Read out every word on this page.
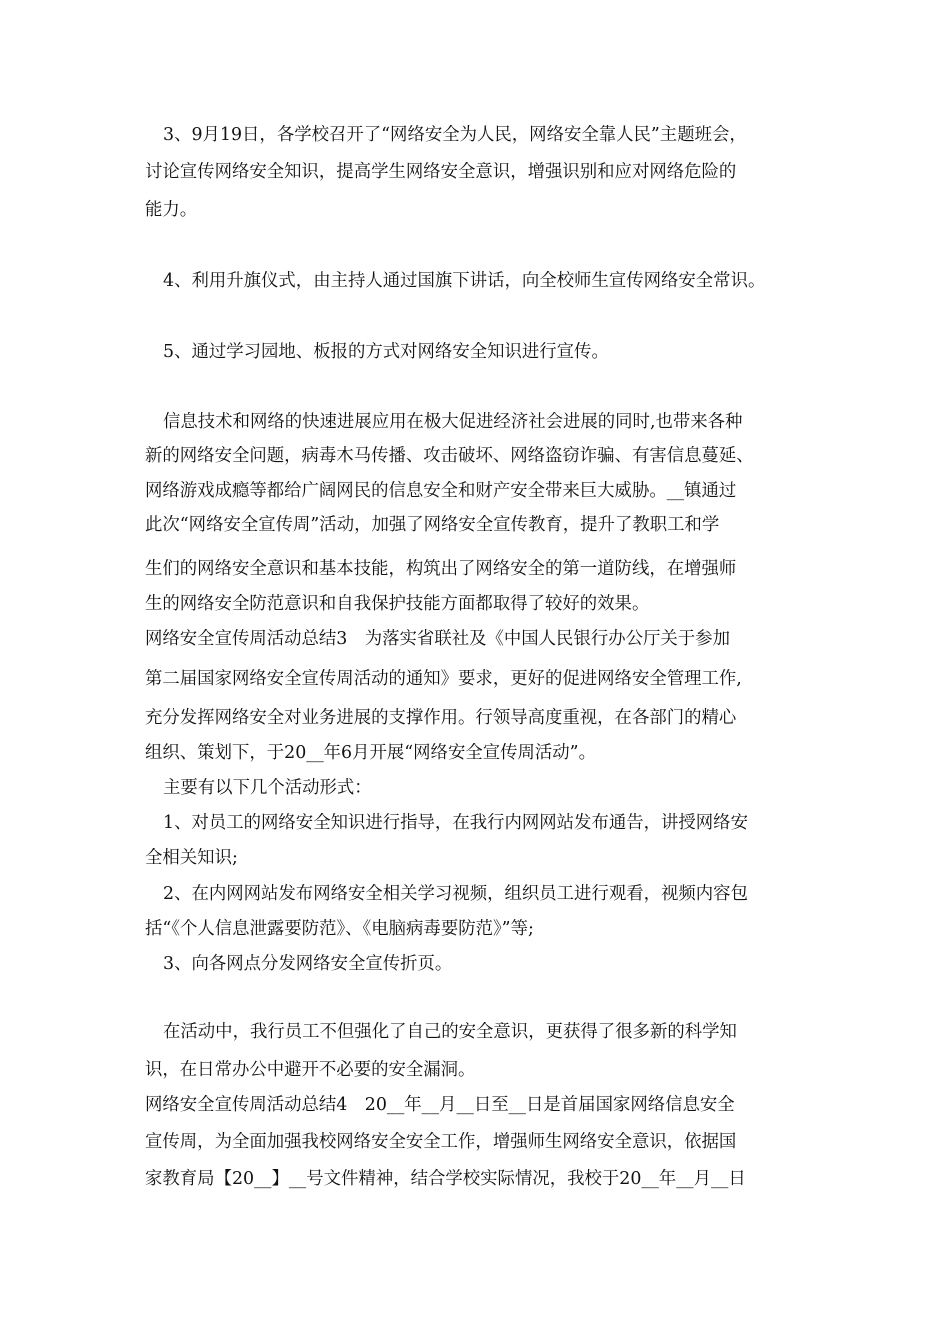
3、9月19日，各学校召开了“网络安全为人民，网络安全靠人民”主题班会，
讨论宣传网络安全知识，提高学生网络安全意识，增强识别和应对网络危险的
能力。
4、利用升旗仪式，由主持人通过国旗下讲话，向全校师生宣传网络安全常识。
5、通过学习园地、板报的方式对网络安全知识进行宣传。
信息技术和网络的快速进展应用在极大促进经济社会进展的同时,也带来各种
新的网络安全问题，病毒木马传播、攻击破坏、网络盗窃诈骗、有害信息蔓延、
网络游戏成瘾等都给广阔网民的信息安全和财产安全带来巨大威胁。__镇通过
此次“网络安全宣传周”活动，加强了网络安全宣传教育，提升了教职工和学
生们的网络安全意识和基本技能，构筑出了网络安全的第一道防线，在增强师
生的网络安全防范意识和自我保护技能方面都取得了较好的效果。
网络安全宣传周活动总结3　为落实省联社及《中国人民银行办公厅关于参加
第二届国家网络安全宣传周活动的通知》要求，更好的促进网络安全管理工作,
充分发挥网络安全对业务进展的支撑作用。行领导高度重视，在各部门的精心
组织、策划下，于20__年6月开展“网络安全宣传周活动”。
主要有以下几个活动形式：
1、对员工的网络安全知识进行指导，在我行内网网站发布通告，讲授网络安
全相关知识;
2、在内网网站发布网络安全相关学习视频，组织员工进行观看，视频内容包
括“《个人信息泄露要防范》、《电脑病毒要防范》”等;
3、向各网点分发网络安全宣传折页。
在活动中，我行员工不但强化了自己的安全意识，更获得了很多新的科学知
识，在日常办公中避开不必要的安全漏洞。
网络安全宣传周活动总结4　20__年__月__日至__日是首届国家网络信息安全
宣传周，为全面加强我校网络安全安全工作，增强师生网络安全意识，依据国
家教育局【20__】__号文件精神，结合学校实际情况，我校于20__年__月__日
